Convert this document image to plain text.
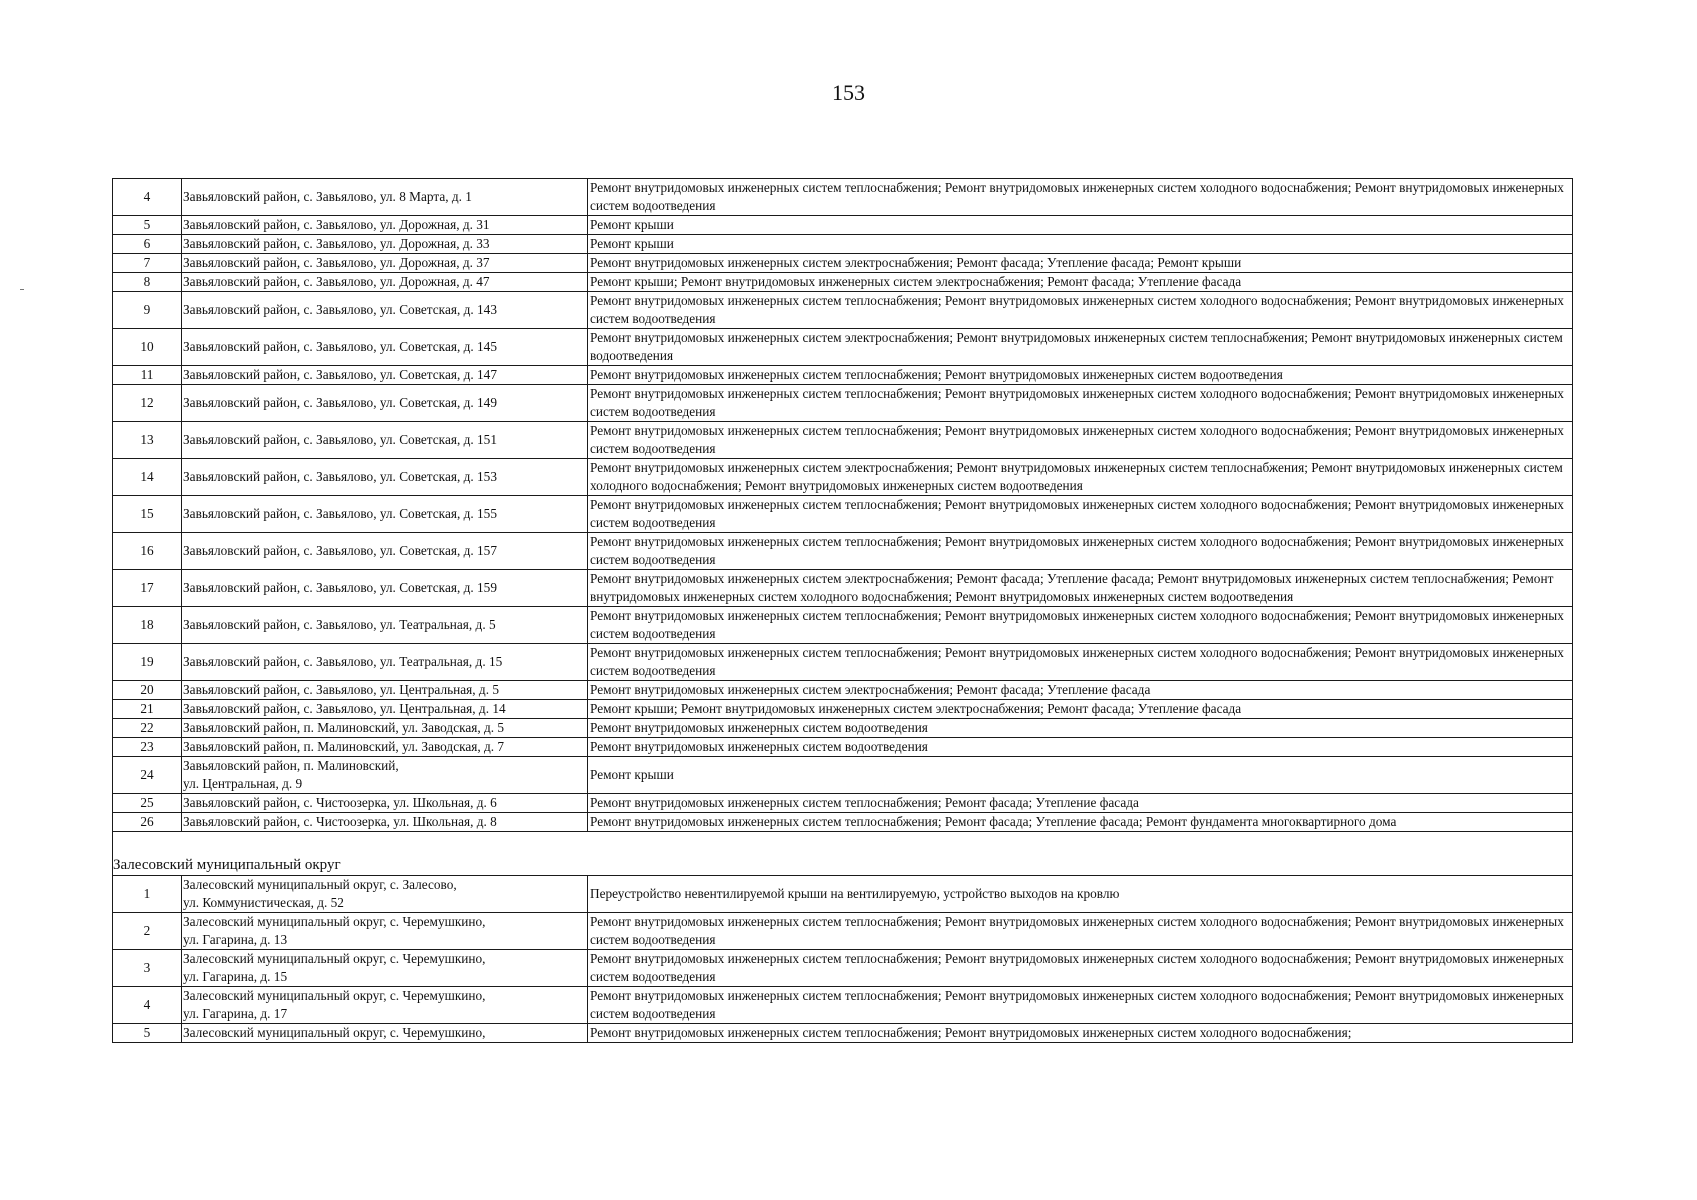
153
4	Завьяловский район, с. Завьялово, ул. 8 Марта, д. 1	Ремонт внутридомовых инженерных систем теплоснабжения; Ремонт внутридомовых инженерных систем холодного водоснабжения; Ремонт внутридомовых инженерных систем водоотведения
5	Завьяловский район, с. Завьялово, ул. Дорожная, д. 31	Ремонт крыши
6	Завьяловский район, с. Завьялово, ул. Дорожная, д. 33	Ремонт крыши
7	Завьяловский район, с. Завьялово, ул. Дорожная, д. 37	Ремонт внутридомовых инженерных систем электроснабжения; Ремонт фасада; Утепление фасада; Ремонт крыши
8	Завьяловский район, с. Завьялово, ул. Дорожная, д. 47	Ремонт крыши; Ремонт внутридомовых инженерных систем электроснабжения; Ремонт фасада; Утепление фасада
9	Завьяловский район, с. Завьялово, ул. Советская, д. 143	Ремонт внутридомовых инженерных систем теплоснабжения; Ремонт внутридомовых инженерных систем холодного водоснабжения; Ремонт внутридомовых инженерных систем водоотведения
10	Завьяловский район, с. Завьялово, ул. Советская, д. 145	Ремонт внутридомовых инженерных систем электроснабжения; Ремонт внутридомовых инженерных систем теплоснабжения; Ремонт внутридомовых инженерных систем водоотведения
11	Завьяловский район, с. Завьялово, ул. Советская, д. 147	Ремонт внутридомовых инженерных систем теплоснабжения; Ремонт внутридомовых инженерных систем водоотведения
12	Завьяловский район, с. Завьялово, ул. Советская, д. 149	Ремонт внутридомовых инженерных систем теплоснабжения; Ремонт внутридомовых инженерных систем холодного водоснабжения; Ремонт внутридомовых инженерных систем водоотведения
13	Завьяловский район, с. Завьялово, ул. Советская, д. 151	Ремонт внутридомовых инженерных систем теплоснабжения; Ремонт внутридомовых инженерных систем холодного водоснабжения; Ремонт внутридомовых инженерных систем водоотведения
14	Завьяловский район, с. Завьялово, ул. Советская, д. 153	Ремонт внутридомовых инженерных систем электроснабжения; Ремонт внутридомовых инженерных систем теплоснабжения; Ремонт внутридомовых инженерных систем холодного водоснабжения; Ремонт внутридомовых инженерных систем водоотведения
15	Завьяловский район, с. Завьялово, ул. Советская, д. 155	Ремонт внутридомовых инженерных систем теплоснабжения; Ремонт внутридомовых инженерных систем холодного водоснабжения; Ремонт внутридомовых инженерных систем водоотведения
16	Завьяловский район, с. Завьялово, ул. Советская, д. 157	Ремонт внутридомовых инженерных систем теплоснабжения; Ремонт внутридомовых инженерных систем холодного водоснабжения; Ремонт внутридомовых инженерных систем водоотведения
17	Завьяловский район, с. Завьялово, ул. Советская, д. 159	Ремонт внутридомовых инженерных систем электроснабжения; Ремонт фасада; Утепление фасада; Ремонт внутридомовых инженерных систем теплоснабжения; Ремонт внутридомовых инженерных систем холодного водоснабжения; Ремонт внутридомовых инженерных систем водоотведения
18	Завьяловский район, с. Завьялово, ул. Театральная, д. 5	Ремонт внутридомовых инженерных систем теплоснабжения; Ремонт внутридомовых инженерных систем холодного водоснабжения; Ремонт внутридомовых инженерных систем водоотведения
19	Завьяловский район, с. Завьялово, ул. Театральная, д. 15	Ремонт внутридомовых инженерных систем теплоснабжения; Ремонт внутридомовых инженерных систем холодного водоснабжения; Ремонт внутридомовых инженерных систем водоотведения
20	Завьяловский район, с. Завьялово, ул. Центральная, д. 5	Ремонт внутридомовых инженерных систем электроснабжения; Ремонт фасада; Утепление фасада
21	Завьяловский район, с. Завьялово, ул. Центральная, д. 14	Ремонт крыши; Ремонт внутридомовых инженерных систем электроснабжения; Ремонт фасада; Утепление фасада
22	Завьяловский район, п. Малиновский, ул. Заводская, д. 5	Ремонт внутридомовых инженерных систем водоотведения
23	Завьяловский район, п. Малиновский, ул. Заводская, д. 7	Ремонт внутридомовых инженерных систем водоотведения
24	Завьяловский район, п. Малиновский,
ул. Центральная, д. 9	Ремонт крыши
25	Завьяловский район, с. Чистоозерка, ул. Школьная, д. 6	Ремонт внутридомовых инженерных систем теплоснабжения; Ремонт фасада; Утепление фасада
26	Завьяловский район, с. Чистоозерка, ул. Школьная, д. 8	Ремонт внутридомовых инженерных систем теплоснабжения; Ремонт фасада; Утепление фасада; Ремонт фундамента многоквартирного дома
Залесовский муниципальный округ		
1	Залесовский муниципальный округ, с. Залесово,
ул. Коммунистическая, д. 52	Переустройство невентилируемой крыши на вентилируемую, устройство выходов на кровлю
2	Залесовский муниципальный округ, с. Черемушкино,
ул. Гагарина, д. 13	Ремонт внутридомовых инженерных систем теплоснабжения; Ремонт внутридомовых инженерных систем холодного водоснабжения; Ремонт внутридомовых инженерных систем водоотведения
3	Залесовский муниципальный округ, с. Черемушкино,
ул. Гагарина, д. 15	Ремонт внутридомовых инженерных систем теплоснабжения; Ремонт внутридомовых инженерных систем холодного водоснабжения; Ремонт внутридомовых инженерных систем водоотведения
4	Залесовский муниципальный округ, с. Черемушкино,
ул. Гагарина, д. 17	Ремонт внутридомовых инженерных систем теплоснабжения; Ремонт внутридомовых инженерных систем холодного водоснабжения; Ремонт внутридомовых инженерных систем водоотведения
5	Залесовский муниципальный округ, с. Черемушкино,	Ремонт внутридомовых инженерных систем теплоснабжения; Ремонт внутридомовых инженерных систем холодного водоснабжения;
